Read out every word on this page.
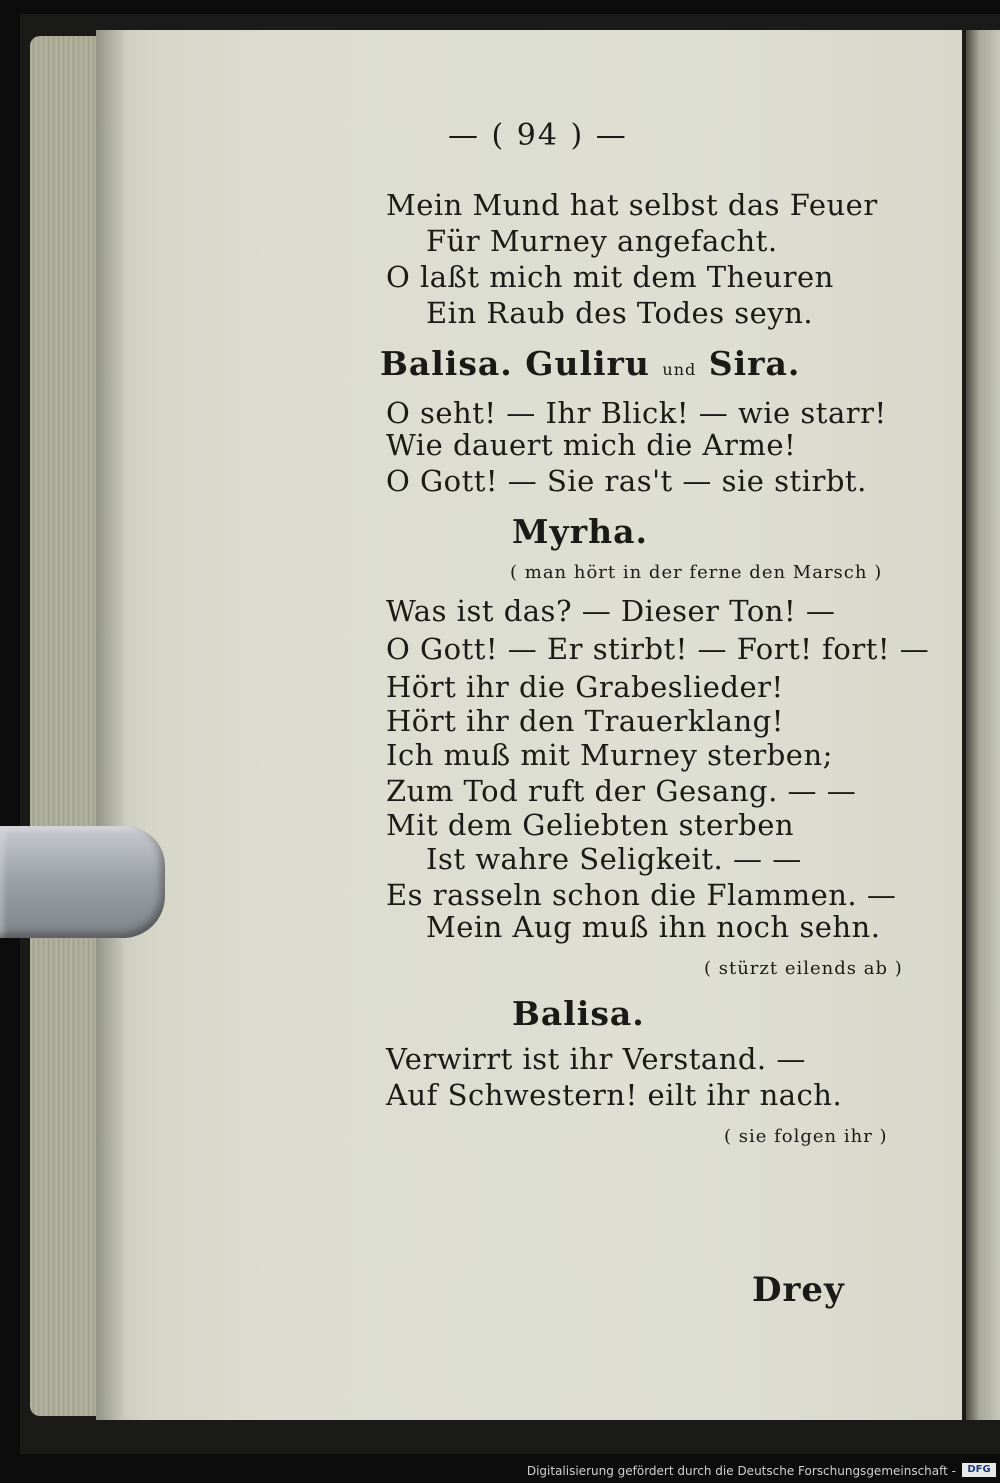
— ( 94 ) —
Mein Mund hat selbst das Feuer
Für Murney angefacht.
O laßt mich mit dem Theuren
Ein Raub des Todes seyn.
Balisa. Guliru und Sira.
O seht! — Ihr Blick! — wie starr!
Wie dauert mich die Arme!
O Gott! — Sie ras't — sie stirbt.
Myrha.
( man hört in der ferne den Marsch )
Was ist das? — Dieser Ton! —
O Gott! — Er stirbt! — Fort! fort! —
Hört ihr die Grabeslieder!
Hört ihr den Trauerklang!
Ich muß mit Murney sterben;
Zum Tod ruft der Gesang. — —
Mit dem Geliebten sterben
Ist wahre Seligkeit. — —
Es rasseln schon die Flammen. —
Mein Aug muß ihn noch sehn.
( stürzt eilends ab )
Balisa.
Verwirrt ist ihr Verstand. —
Auf Schwestern! eilt ihr nach.
( sie folgen ihr )
Drey
Digitalisierung gefördert durch die Deutsche Forschungsgemeinschaft -	DFG
